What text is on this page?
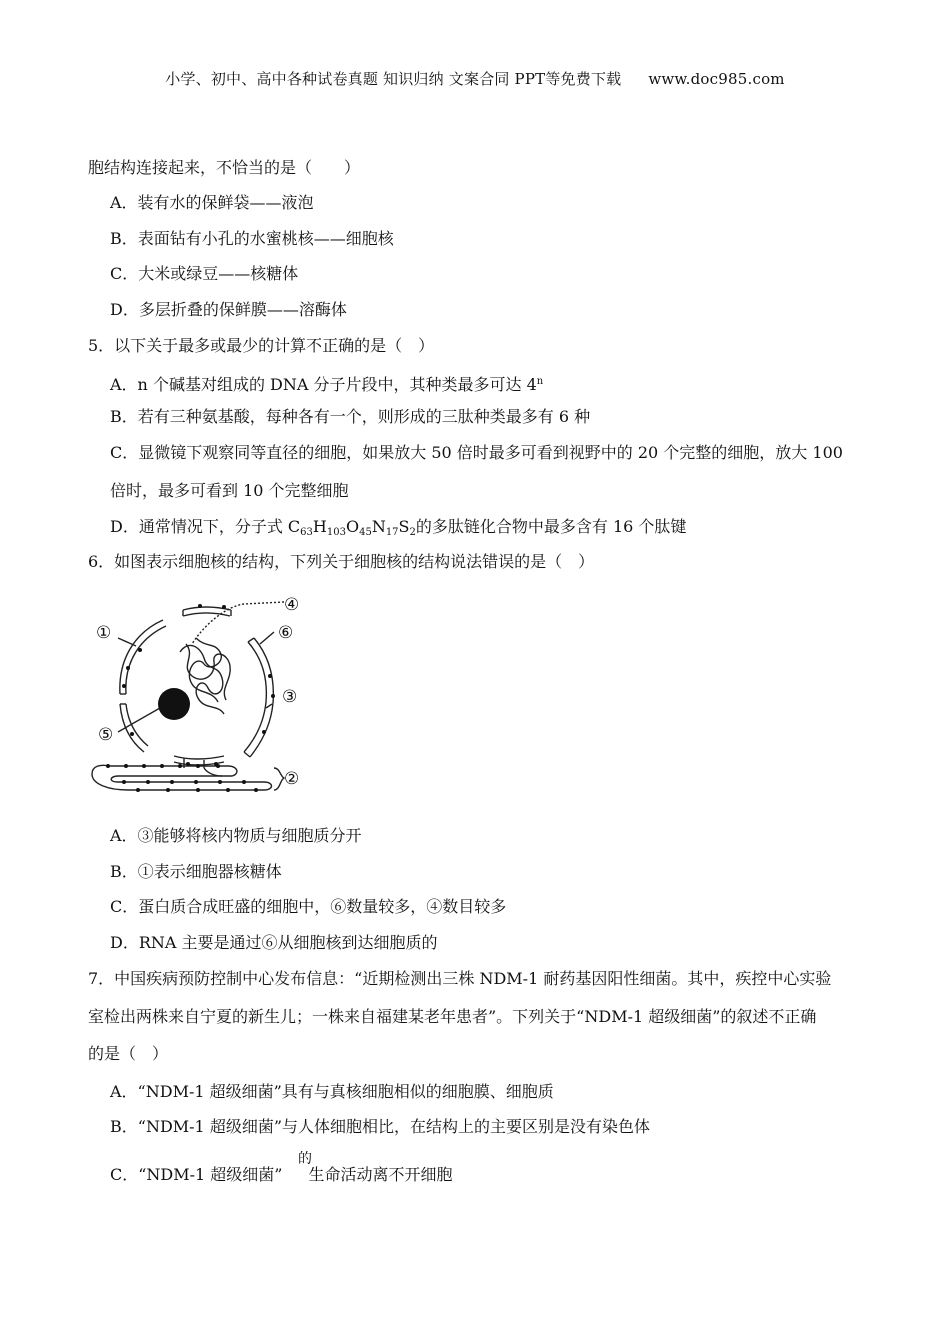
小学、初中、高中各种试卷真题 知识归纳 文案合同 PPT等免费下载 www.doc985.com
胞结构连接起来，不恰当的是（　　）
A．装有水的保鲜袋——液泡
B．表面钻有小孔的水蜜桃核——细胞核
C．大米或绿豆——核糖体
D．多层折叠的保鲜膜——溶酶体
5．以下关于最多或最少的计算不正确的是（　）
A．n 个碱基对组成的 DNA 分子片段中，其种类最多可达 4$^n$
B．若有三种氨基酸，每种各有一个，则形成的三肽种类最多有 6 种
C．显微镜下观察同等直径的细胞，如果放大 50 倍时最多可看到视野中的 20 个完整的细胞，放大 100
倍时，最多可看到 10 个完整细胞
D．通常情况下，分子式 $C_{63}H_{103}O_{45}N_{17}S_2$的多肽链化合物中最多含有 16 个肽键
6．如图表示细胞核的结构，下列关于细胞核的结构说法错误的是（　）
①
②
③
④
⑤
⑥
A．③能够将核内物质与细胞质分开
B．①表示细胞器核糖体
C．蛋白质合成旺盛的细胞中，⑥数量较多，④数目较多
D．RNA 主要是通过⑥从细胞核到达细胞质的
7．中国疾病预防控制中心发布信息：“近期检测出三株 NDM-1 耐药基因阳性细菌。其中，疾控中心实验
室检出两株来自宁夏的新生儿；一株来自福建某老年患者”。下列关于“NDM-1 超级细菌”的叙述不正确
的是（　）
A．“NDM-1 超级细菌”具有与真核细胞相似的细胞膜、细胞质
B．“NDM-1 超级细菌”与人体细胞相比，在结构上的主要区别是没有染色体
C．“NDM-1 超级细菌” 生命活动离不开细胞
的
